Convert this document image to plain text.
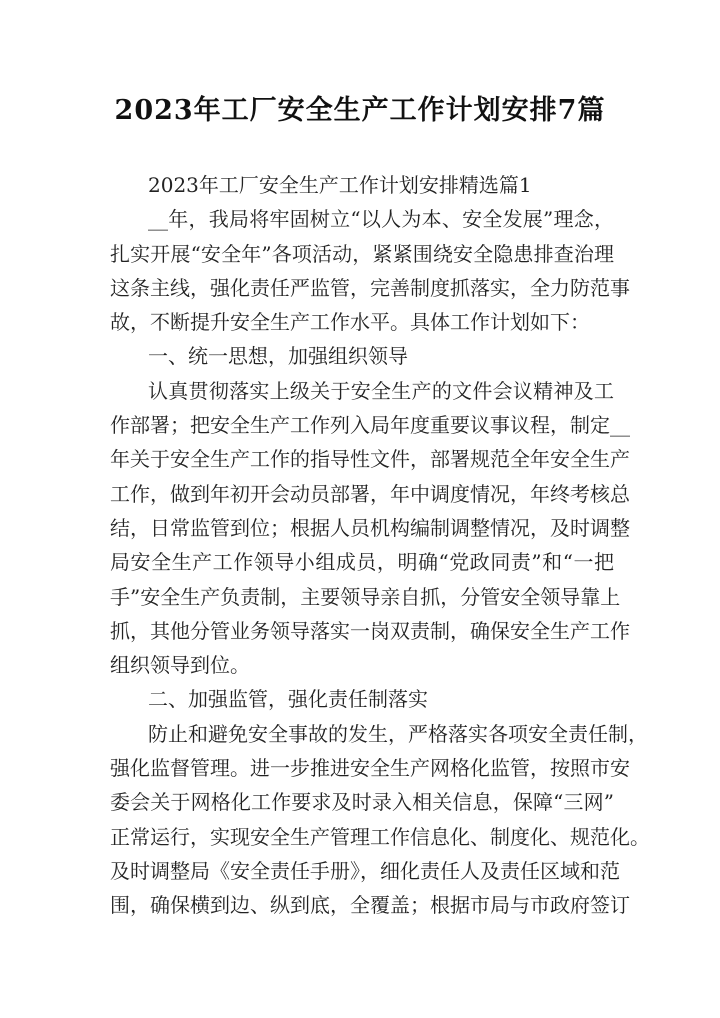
2023年工厂安全生产工作计划安排7篇
2023年工厂安全生产工作计划安排精选篇1
__年，我局将牢固树立“以人为本、安全发展”理念，
扎实开展“安全年”各项活动，紧紧围绕安全隐患排查治理
这条主线，强化责任严监管，完善制度抓落实，全力防范事
故，不断提升安全生产工作水平。具体工作计划如下：
一、统一思想，加强组织领导
认真贯彻落实上级关于安全生产的文件会议精神及工
作部署；把安全生产工作列入局年度重要议事议程，制定__
年关于安全生产工作的指导性文件，部署规范全年安全生产
工作，做到年初开会动员部署，年中调度情况，年终考核总
结，日常监管到位；根据人员机构编制调整情况，及时调整
局安全生产工作领导小组成员，明确“党政同责”和“一把
手”安全生产负责制，主要领导亲自抓，分管安全领导靠上
抓，其他分管业务领导落实一岗双责制，确保安全生产工作
组织领导到位。
二、加强监管，强化责任制落实
防止和避免安全事故的发生，严格落实各项安全责任制，
强化监督管理。进一步推进安全生产网格化监管，按照市安
委会关于网格化工作要求及时录入相关信息，保障“三网”
正常运行，实现安全生产管理工作信息化、制度化、规范化。
及时调整局《安全责任手册》，细化责任人及责任区域和范
围，确保横到边、纵到底，全覆盖；根据市局与市政府签订
